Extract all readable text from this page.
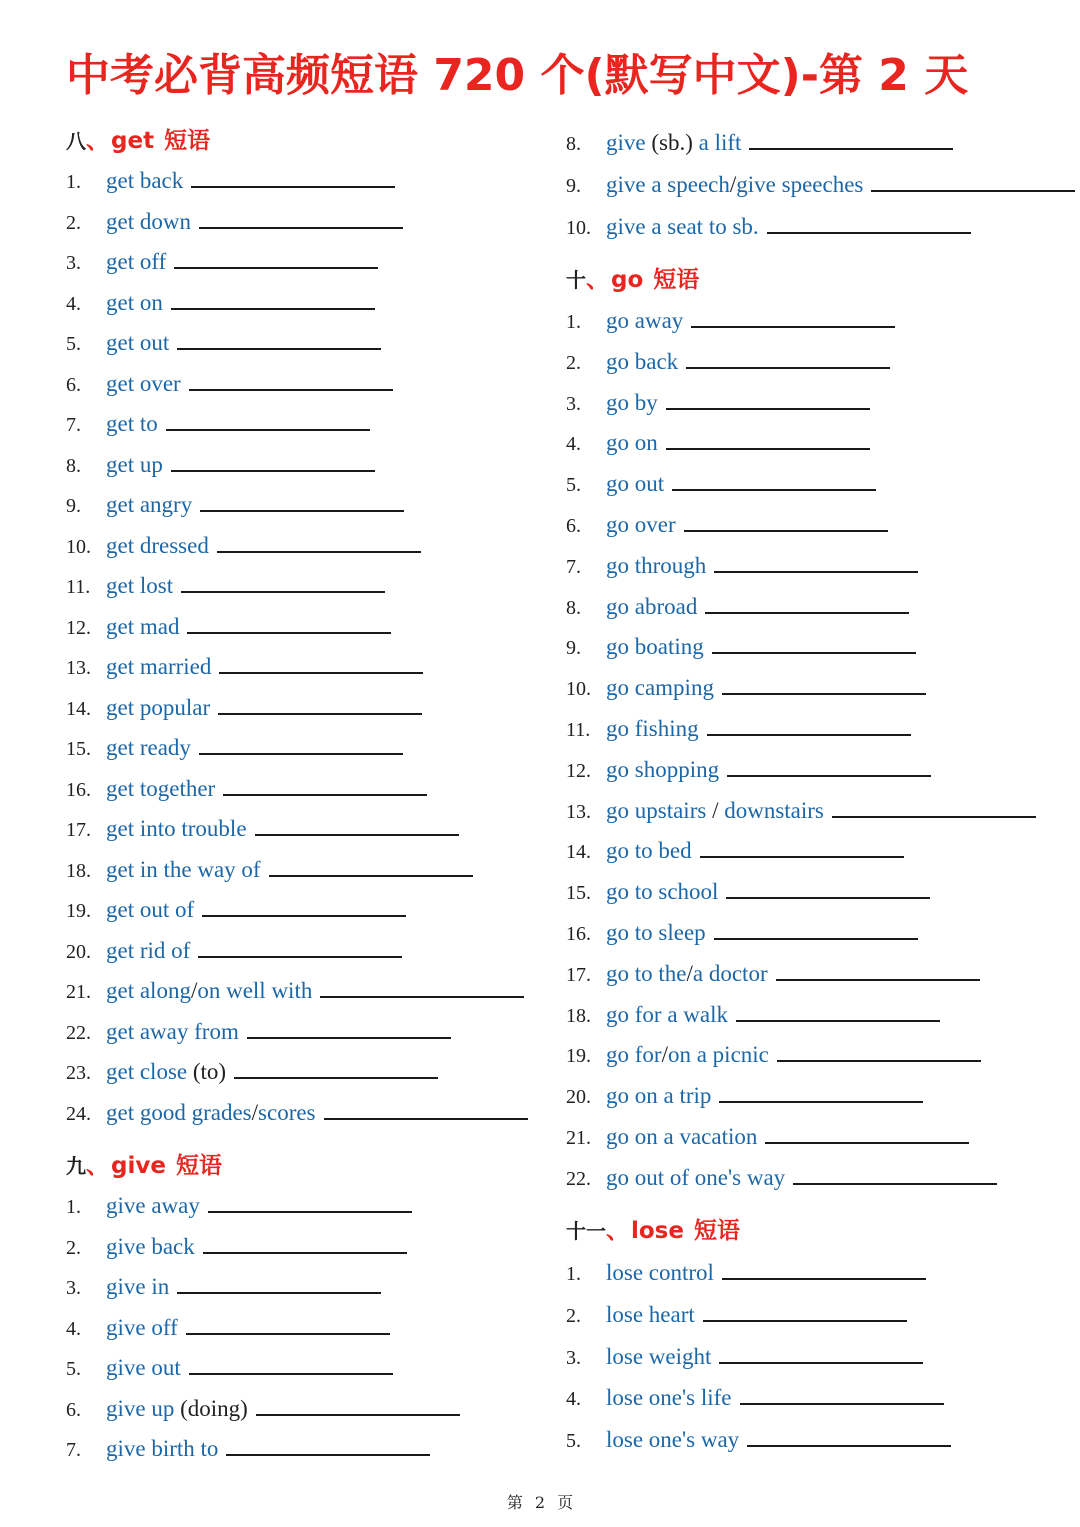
中考必背高频短语 720 个(默写中文)-第 2 天
八、get 短语
1.	get back
2.	get down
3.	get off
4.	get on
5.	get out
6.	get over
7.	get to
8.	get up
9.	get angry
10. get dressed
11. get lost
12. get mad
13. get married
14. get popular
15. get ready
16. get together
17. get into trouble
18. get in the way of
19. get out of
20. get rid of
21. get along/on well with
22. get away from
23. get close (to)
24. get good grades/scores
九、give 短语
1.	give away
2.	give back
3.	give in
4.	give off
5.	give out
6.	give up (doing)
7.	give birth to
8.	give (sb.) a lift
9.	give a speech/give speeches
10. give a seat to sb.
十、go 短语
1.	go away
2.	go back
3.	go by
4.	go on
5.	go out
6.	go over
7.	go through
8.	go abroad
9.	go boating
10. go camping
11. go fishing
12. go shopping
13. go upstairs / downstairs
14. go to bed
15. go to school
16. go to sleep
17. go to the/a doctor
18. go for a walk
19. go for/on a picnic
20. go on a trip
21. go on a vacation
22. go out of one's way
十一、lose 短语
1.	lose control
2.	lose heart
3.	lose weight
4.	lose one's life
5.	lose one's way
第 2 页
